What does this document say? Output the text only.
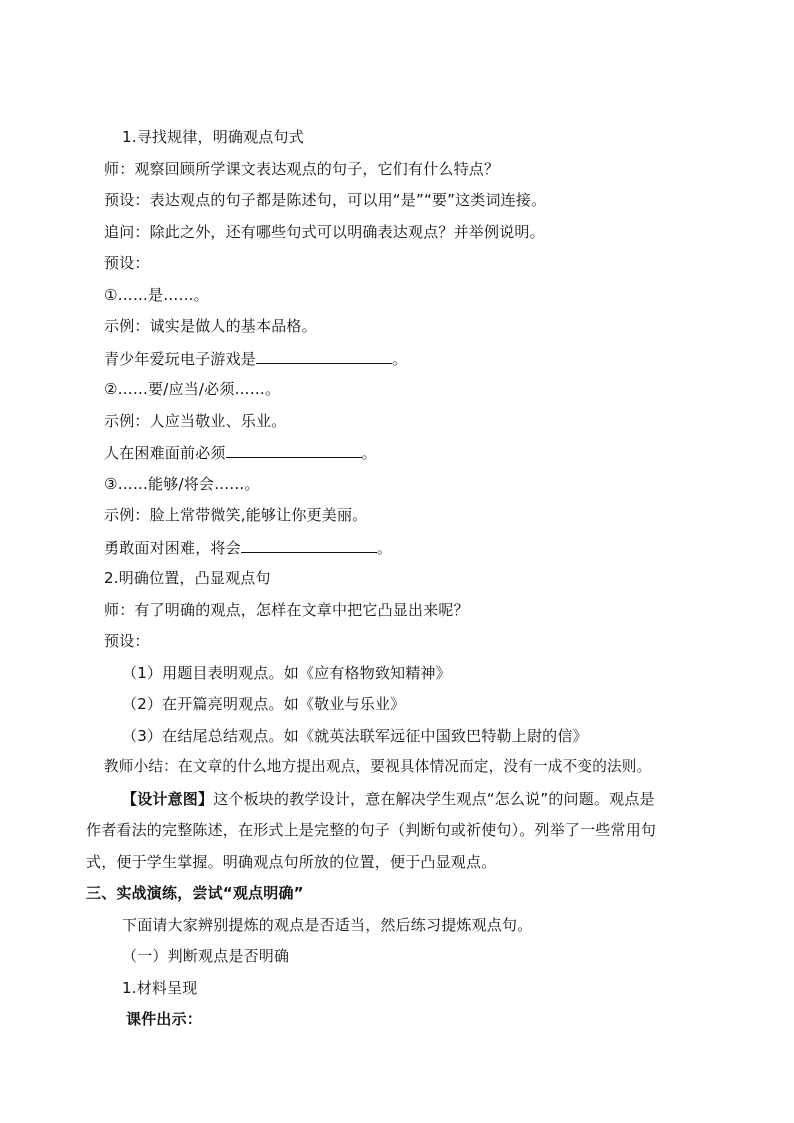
1.寻找规律，明确观点句式
师：观察回顾所学课文表达观点的句子，它们有什么特点？
预设：表达观点的句子都是陈述句，可以用“是”“要”这类词连接。
追问：除此之外，还有哪些句式可以明确表达观点？并举例说明。
预设：
①……是……。
示例：诚实是做人的基本品格。
青少年爱玩电子游戏是	。
②……要/应当/必须……。
示例：人应当敬业、乐业。
人在困难面前必须	。
③……能够/将会……。
示例：脸上常带微笑,能够让你更美丽。
勇敢面对困难，将会	。
2.明确位置，凸显观点句
师：有了明确的观点，怎样在文章中把它凸显出来呢？
预设：
（1）用题目表明观点。如《应有格物致知精神》
（2）在开篇亮明观点。如《敬业与乐业》
（3）在结尾总结观点。如《就英法联军远征中国致巴特勒上尉的信》
教师小结：在文章的什么地方提出观点，要视具体情况而定，没有一成不变的法则。
【设计意图】这个板块的教学设计，意在解决学生观点“怎么说”的问题。观点是
作者看法的完整陈述，在形式上是完整的句子（判断句或祈使句）。列举了一些常用句
式，便于学生掌握。明确观点句所放的位置，便于凸显观点。
三、实战演练，尝试“观点明确”
下面请大家辨别提炼的观点是否适当，然后练习提炼观点句。
（一）判断观点是否明确
1.材料呈现
课件出示：
